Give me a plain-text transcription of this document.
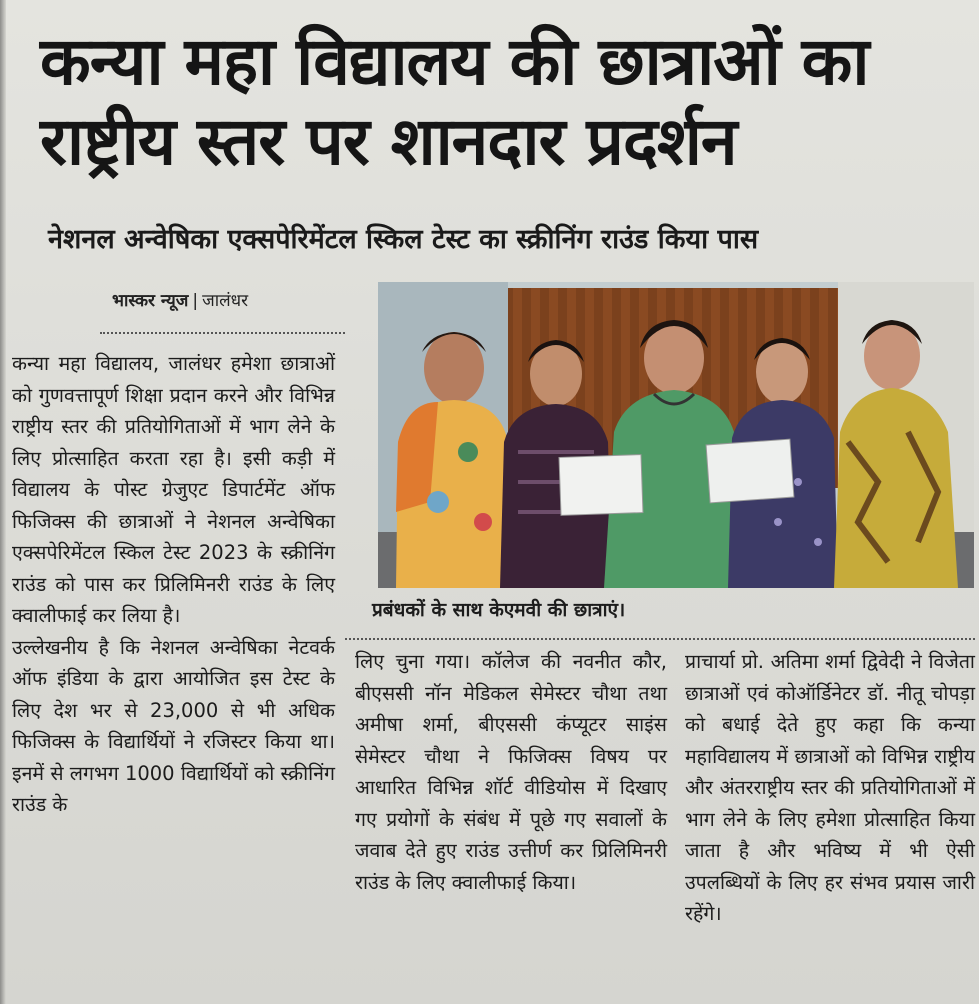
कन्या महा विद्यालय की छात्राओं का राष्ट्रीय स्तर पर शानदार प्रदर्शन
नेशनल अन्वेषिका एक्सपेरिमेंटल स्किल टेस्ट का स्क्रीनिंग राउंड किया पास
भास्कर न्यूज | जालंधर

कन्या महा विद्यालय, जालंधर हमेशा छात्राओं को गुणवत्तापूर्ण शिक्षा प्रदान करने और विभिन्न राष्ट्रीय स्तर की प्रतियोगिताओं में भाग लेने के लिए प्रोत्साहित करता रहा है। इसी कड़ी में विद्यालय के पोस्ट ग्रेजुएट डिपार्टमेंट ऑफ फिजिक्स की छात्राओं ने नेशनल अन्वेषिका एक्सपेरिमेंटल स्किल टेस्ट 2023 के स्क्रीनिंग राउंड को पास कर प्रिलिमिनरी राउंड के लिए क्वालीफाई कर लिया है।

उल्लेखनीय है कि नेशनल अन्वेषिका नेटवर्क ऑफ इंडिया के द्वारा आयोजित इस टेस्ट के लिए देश भर से 23,000 से भी अधिक फिजिक्स के विद्यार्थियों ने रजिस्टर किया था। इनमें से लगभग 1000 विद्यार्थियों को स्क्रीनिंग राउंड के

प्रबंधकों के साथ केएमवी की छात्राएं।
लिए चुना गया। कॉलेज की नवनीत कौर, बीएससी नॉन मेडिकल सेमेस्टर चौथा तथा अमीषा शर्मा, बीएससी कंप्यूटर साइंस सेमेस्टर चौथा ने फिजिक्स विषय पर आधारित विभिन्न शॉर्ट वीडियोस में दिखाए गए प्रयोगों के संबंध में पूछे गए सवालों के जवाब देते हुए राउंड उत्तीर्ण कर प्रिलिमिनरी राउंड के लिए क्वालीफाई किया।
प्राचार्या प्रो. अतिमा शर्मा द्विवेदी ने विजेता छात्राओं एवं कोऑर्डिनेटर डॉ. नीतू चोपड़ा को बधाई देते हुए कहा कि कन्या महाविद्यालय में छात्राओं को विभिन्न राष्ट्रीय और अंतरराष्ट्रीय स्तर की प्रतियोगिताओं में भाग लेने के लिए हमेशा प्रोत्साहित किया जाता है और भविष्य में भी ऐसी उपलब्धियों के लिए हर संभव प्रयास जारी रहेंगे।
